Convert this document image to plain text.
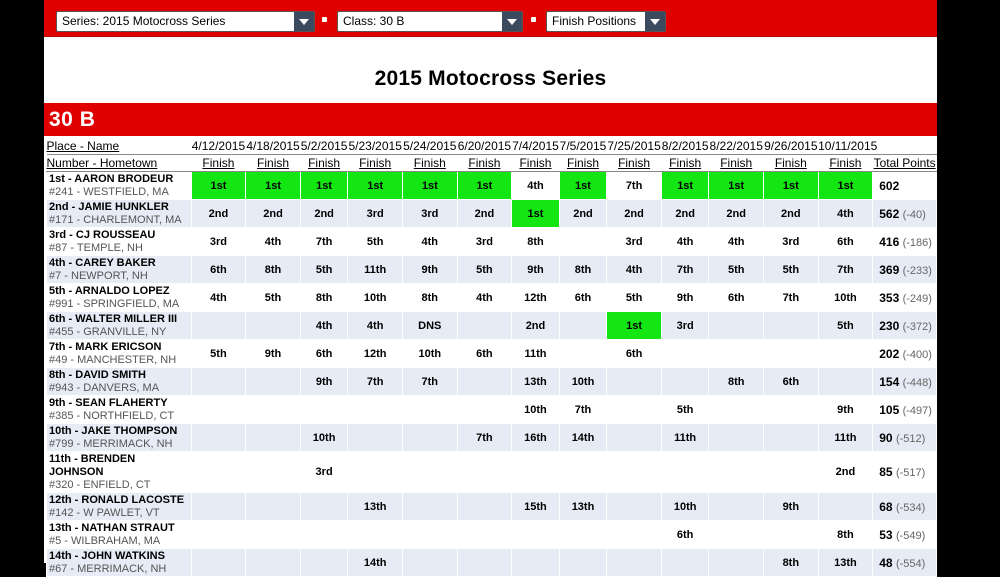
Series: 2015 Motocross Series	Class: 30 B	Finish Positions
2015 Motocross Series
30 B
Place - Name	4/12/2015	4/18/2015	5/2/2015	5/23/2015	5/24/2015	6/20/2015	7/4/2015	7/5/2015	7/25/2015	8/2/2015	8/22/2015	9/26/2015	10/11/2015	
Number - Hometown	Finish	Finish	Finish	Finish	Finish	Finish	Finish	Finish	Finish	Finish	Finish	Finish	Finish	Total Points

1st - AARON BRODEUR
#241 - WESTFIELD, MA	1st	1st	1st	1st	1st	1st	4th	1st	7th	1st	1st	1st	1st	602

2nd - JAMIE HUNKLER
#171 - CHARLEMONT, MA	2nd	2nd	2nd	3rd	3rd	2nd	1st	2nd	2nd	2nd	2nd	2nd	4th	562 (-40)

3rd - CJ ROUSSEAU
#87 - TEMPLE, NH	3rd	4th	7th	5th	4th	3rd	8th		3rd	4th	4th	3rd	6th	416 (-186)

4th - CAREY BAKER
#7 - NEWPORT, NH	6th	8th	5th	11th	9th	5th	9th	8th	4th	7th	5th	5th	7th	369 (-233)

5th - ARNALDO LOPEZ
#991 - SPRINGFIELD, MA	4th	5th	8th	10th	8th	4th	12th	6th	5th	9th	6th	7th	10th	353 (-249)

6th - WALTER MILLER III
#455 - GRANVILLE, NY			4th	4th	DNS		2nd		1st	3rd			5th	230 (-372)

7th - MARK ERICSON
#49 - MANCHESTER, NH	5th	9th	6th	12th	10th	6th	11th		6th					202 (-400)

8th - DAVID SMITH
#943 - DANVERS, MA			9th	7th	7th		13th	10th			8th	6th		154 (-448)

9th - SEAN FLAHERTY
#385 - NORTHFIELD, CT							10th	7th		5th			9th	105 (-497)

10th - JAKE THOMPSON
#799 - MERRIMACK, NH			10th			7th	16th	14th		11th			11th	90 (-512)

11th - BRENDEN JOHNSON
#320 - ENFIELD, CT			3rd										2nd	85 (-517)

12th - RONALD LACOSTE
#142 - W PAWLET, VT				13th			15th	13th		10th		9th		68 (-534)

13th - NATHAN STRAUT
#5 - WILBRAHAM, MA										6th			8th	53 (-549)

14th - JOHN WATKINS
#67 - MERRIMACK, NH				14th								8th	13th	48 (-554)
